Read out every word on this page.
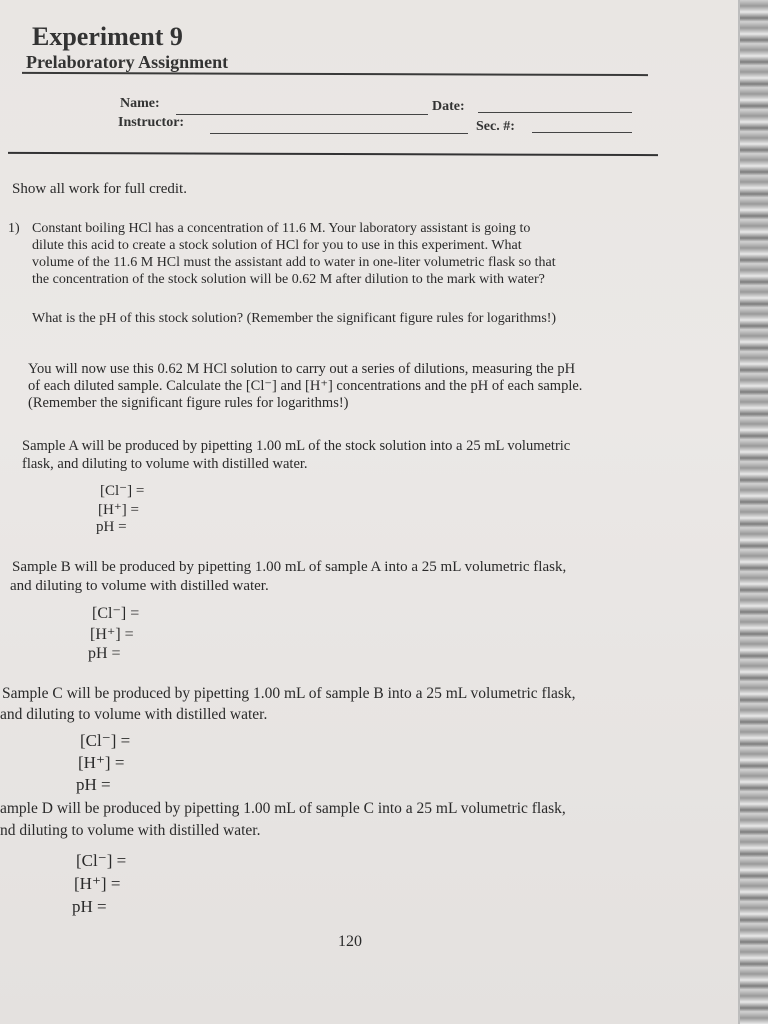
Experiment 9
Prelaboratory Assignment
Name:	Date:
Instructor:	Sec. #:
Show all work for full credit.
1) Constant boiling HCl has a concentration of 11.6 M. Your laboratory assistant is going to
dilute this acid to create a stock solution of HCl for you to use in this experiment. What
volume of the 11.6 M HCl must the assistant add to water in one-liter volumetric flask so that
the concentration of the stock solution will be 0.62 M after dilution to the mark with water?
What is the pH of this stock solution? (Remember the significant figure rules for logarithms!)
You will now use this 0.62 M HCl solution to carry out a series of dilutions, measuring the pH
of each diluted sample. Calculate the [Cl⁻] and [H⁺] concentrations and the pH of each sample.
(Remember the significant figure rules for logarithms!)
Sample A will be produced by pipetting 1.00 mL of the stock solution into a 25 mL volumetric
flask, and diluting to volume with distilled water.
[Cl⁻] =
[H⁺] =
pH =
Sample B will be produced by pipetting 1.00 mL of sample A into a 25 mL volumetric flask,
and diluting to volume with distilled water.
[Cl⁻] =
[H⁺] =
pH =
Sample C will be produced by pipetting 1.00 mL of sample B into a 25 mL volumetric flask,
and diluting to volume with distilled water.
[Cl⁻] =
[H⁺] =
pH =
ample D will be produced by pipetting 1.00 mL of sample C into a 25 mL volumetric flask,
nd diluting to volume with distilled water.
[Cl⁻] =
[H⁺] =
pH =
120
